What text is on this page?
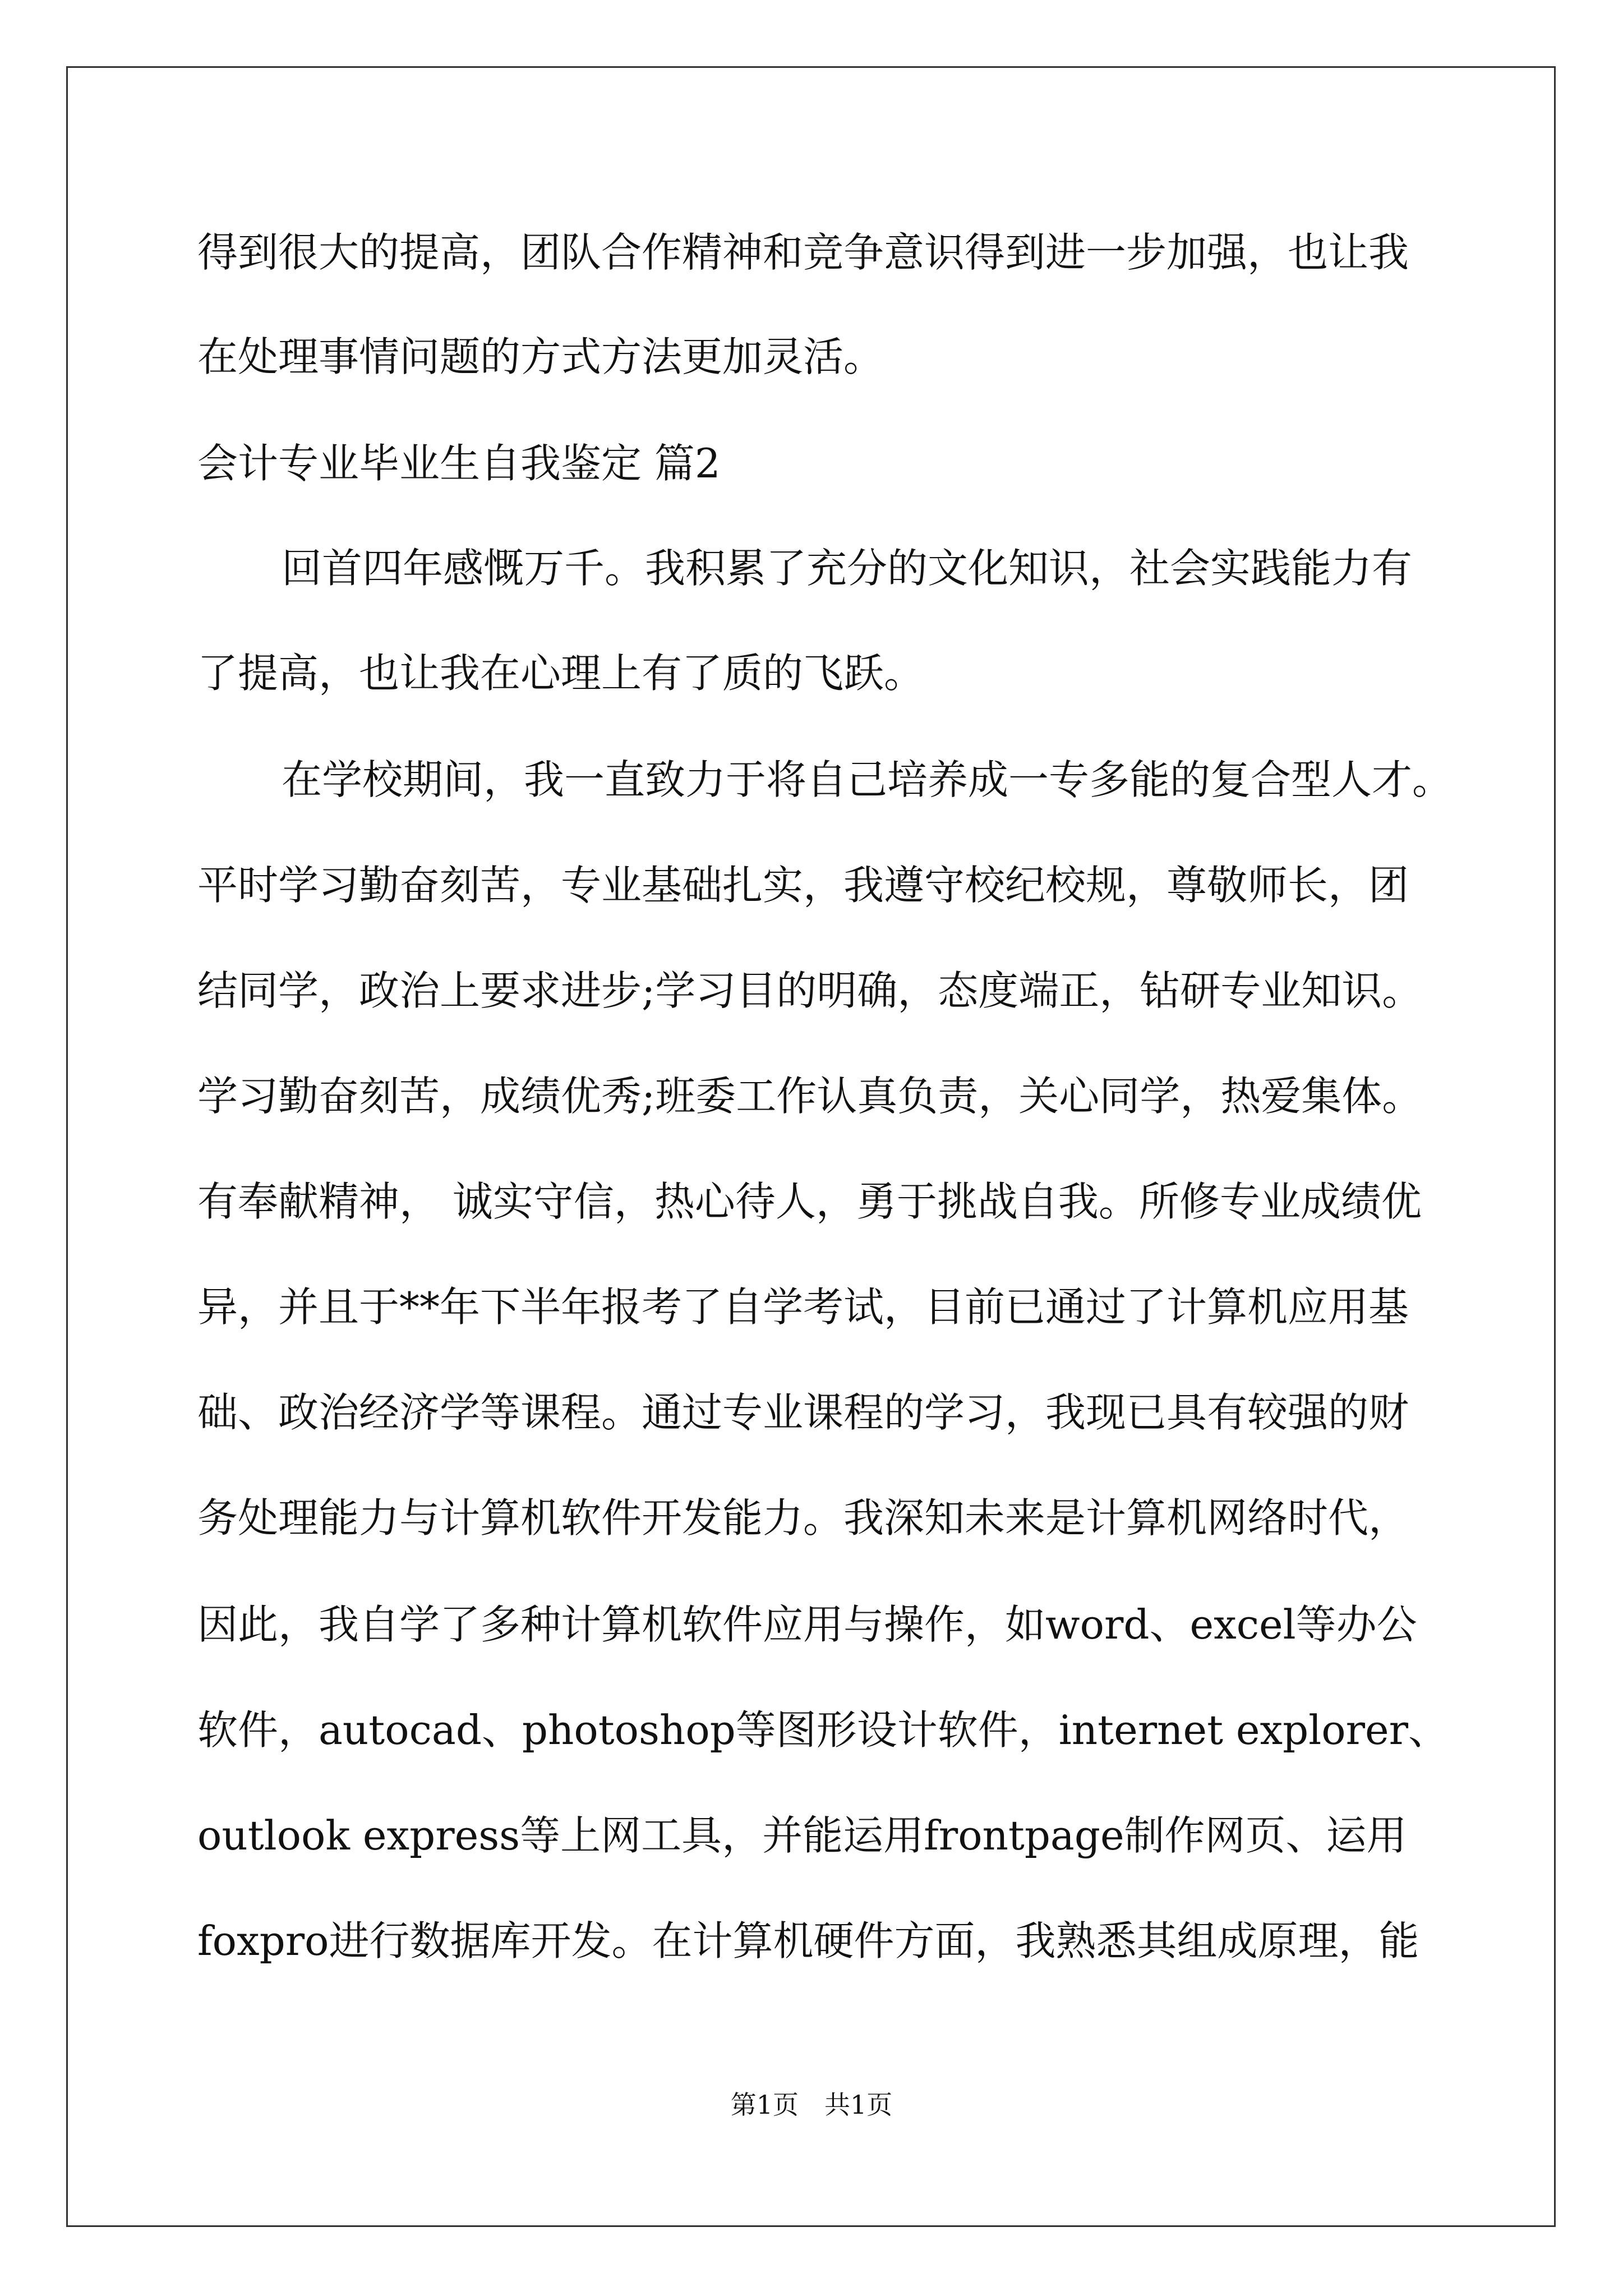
得到很大的提高，团队合作精神和竞争意识得到进一步加强，也让我
在处理事情问题的方式方法更加灵活。
会计专业毕业生自我鉴定 篇2
回首四年感慨万千。我积累了充分的文化知识，社会实践能力有
了提高，也让我在心理上有了质的飞跃。
在学校期间，我一直致力于将自己培养成一专多能的复合型人才。
平时学习勤奋刻苦，专业基础扎实，我遵守校纪校规，尊敬师长，团
结同学，政治上要求进步;学习目的明确，态度端正，钻研专业知识。
学习勤奋刻苦，成绩优秀;班委工作认真负责，关心同学，热爱集体。
有奉献精神， 诚实守信，热心待人，勇于挑战自我。所修专业成绩优
异，并且于**年下半年报考了自学考试，目前已通过了计算机应用基
础、政治经济学等课程。通过专业课程的学习，我现已具有较强的财
务处理能力与计算机软件开发能力。我深知未来是计算机网络时代，
因此，我自学了多种计算机软件应用与操作，如word、excel等办公
软件，autocad、photoshop等图形设计软件，internet explorer、
outlook express等上网工具，并能运用frontpage制作网页、运用
foxpro进行数据库开发。在计算机硬件方面，我熟悉其组成原理，能
第1页　共1页
